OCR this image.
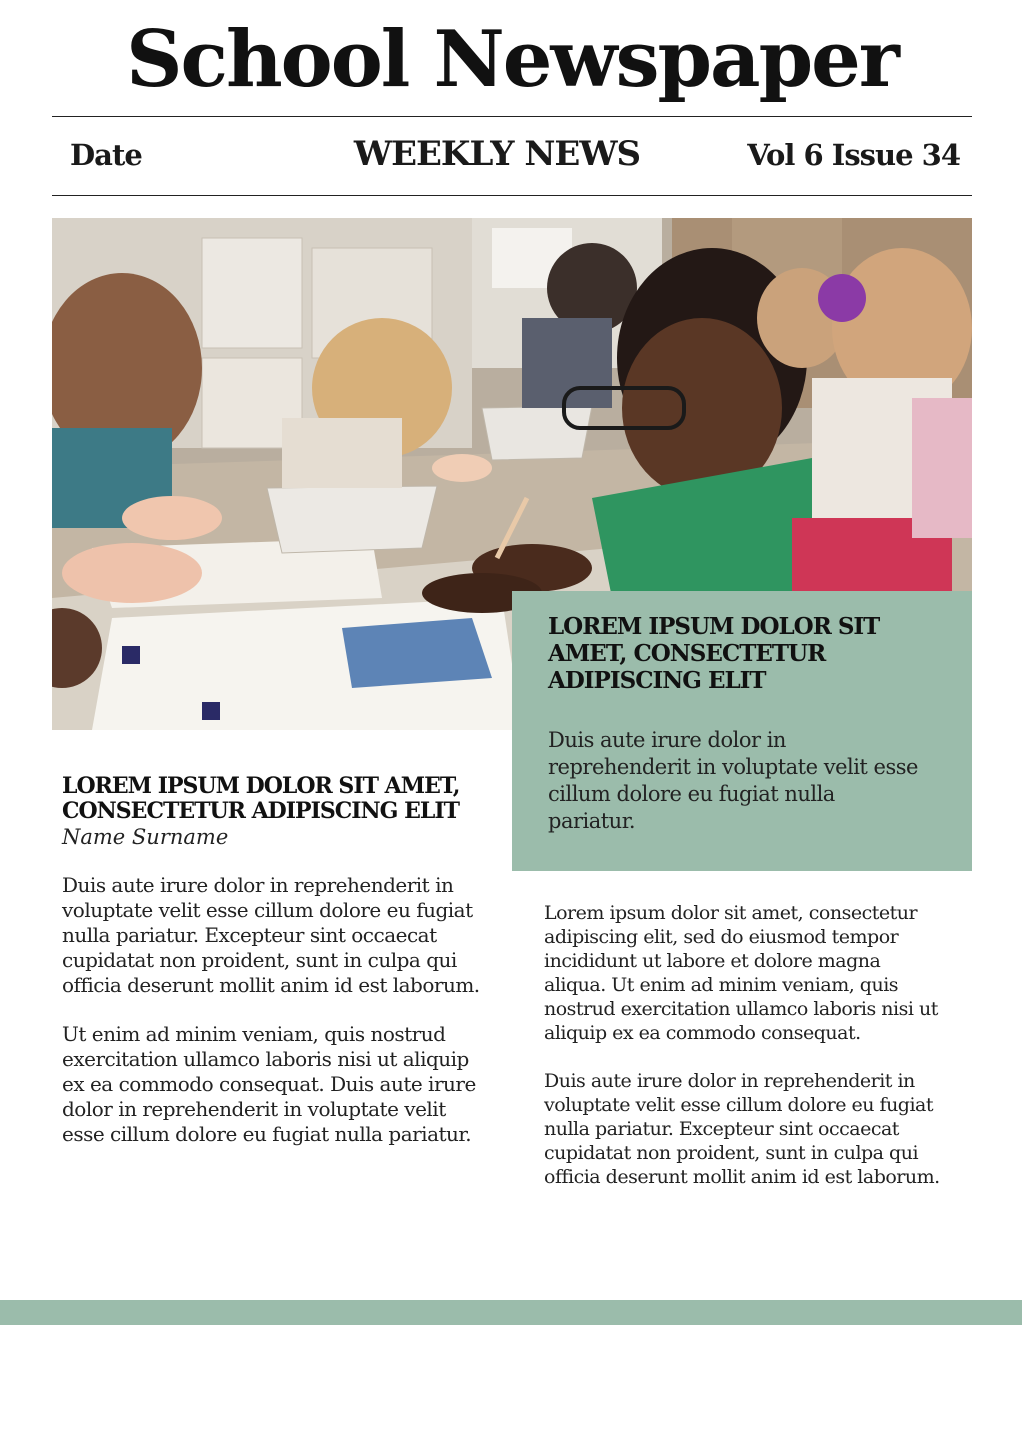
School Newspaper
Date	WEEKLY NEWS	Vol 6 Issue 34
LOREM IPSUM DOLOR SIT AMET, CONSECTETUR ADIPISCING ELIT
Duis aute irure dolor in reprehenderit in voluptate velit esse cillum dolore eu fugiat nulla pariatur.

LOREM IPSUM DOLOR SIT AMET, CONSECTETUR ADIPISCING ELIT

Name Surname

Duis aute irure dolor in reprehenderit in voluptate velit esse cillum dolore eu fugiat nulla pariatur. Excepteur sint occaecat cupidatat non proident, sunt in culpa qui officia deserunt mollit anim id est laborum.

Ut enim ad minim veniam, quis nostrud exercitation ullamco laboris nisi ut aliquip ex ea commodo consequat. Duis aute irure dolor in reprehenderit in voluptate velit esse cillum dolore eu fugiat nulla pariatur.

Lorem ipsum dolor sit amet, consectetur adipiscing elit, sed do eiusmod tempor incididunt ut labore et dolore magna aliqua. Ut enim ad minim veniam, quis nostrud exercitation ullamco laboris nisi ut aliquip ex ea commodo consequat.

Duis aute irure dolor in reprehenderit in voluptate velit esse cillum dolore eu fugiat nulla pariatur. Excepteur sint occaecat cupidatat non proident, sunt in culpa qui officia deserunt mollit anim id est laborum.
